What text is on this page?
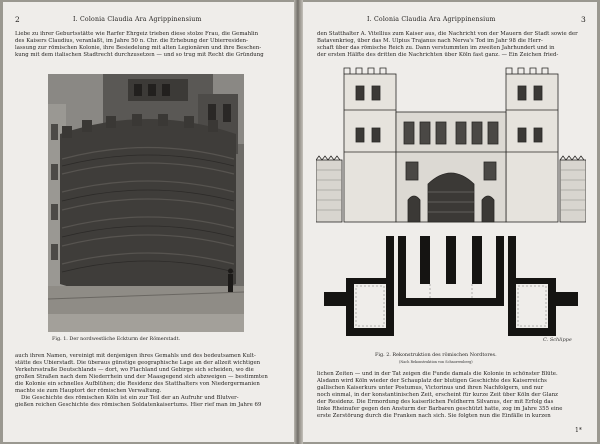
2	I. Colonia Claudia Ara Agrippinensium
Liebe zu ihrer Geburtsstätte wie Rarfer Ehrgeiz trieben diese stolze Frau, die Gemahlin
des Kaisers Claudius, veranlaßt, im Jahre 50 n. Chr. die Erhebung der Ubierresiden-
lassung zur römischen Kolonie, ihre Besiedelung mit alten Legionären und ihre Beschen-
kung mit dem italischen Stadtrecht durchzusetzen — und so trug mit Recht die Gründung
Fig. 1. Der nordwestliche Eckturm der Römerstadt.
auch ihren Namen, vereinigt mit denjenigen ihres Gemahls und des bedeutsamen Kult-
stätte des Ubierstadt. Die überaus günstige geographische Lage an der allzeit wichtigen
Verkehrsstraße Deutschlands — dort, wo Flachland und Gebirge sich scheiden, wo die
großen Straßen nach dem Niederrhein und der Maasgegend sich abzweigen — bestimmten
die Kolonie ein schnelles Aufblühen; die Residenz des Statthalters von Niedergermanien
machte sie zum Hauptort der römischen Verwaltung.
Die Geschichte des römischen Köln ist ein zur Teil der an Aufruhr und Blutver-
gießen reichen Geschichte des römischen Soldatenkaisertums. Hier rief man im Jahre 69
I. Colonia Claudia Ara Agrippinensium	3
den Statthalter A. Vitellius zum Kaiser aus, die Nachricht von der Mauern der Stadt sowie der
Batavenkrieg, über das M. Ulpius Trajanus nach Nerva's Tod im Jahr 98 die Herr-
schaft über das römische Reich zu. Dann verstummten im zweiten Jahrhundert und in
der ersten Hälfte des dritten die Nachrichten über Köln fast ganz. — Ein Zeichen fried-
C. Schlippe
Fig. 2. Rekonstruktion des römischen Nordtores.
(Nach Rekonstruktion von Schnorrenberg)
lichen Zeiten — und in der Tat zeigen die Funde damals die Kolonie in schönster Blüte.
Alsdann wird Köln wieder der Schauplatz der blutigen Geschichte des Kaiserreichs
gallischen Kaiserkurs unter Postumus, Victorinus und ihren Nachfolgern, und nur
noch einmal, in der konstantinischen Zeit, erscheint für kurze Zeit über Köln der Glanz
der Residenz. Die Ermordung des kaiserlichen Feldherrn Silvanus, der mit Erfolg das
linke Rheinufer gegen den Ansturm der Barbaren geschützt hatte, zog im Jahre 355 eine
erste Zerstörung durch die Franken nach sich. Sie folgten nun die Einfälle in kurzen
1*
